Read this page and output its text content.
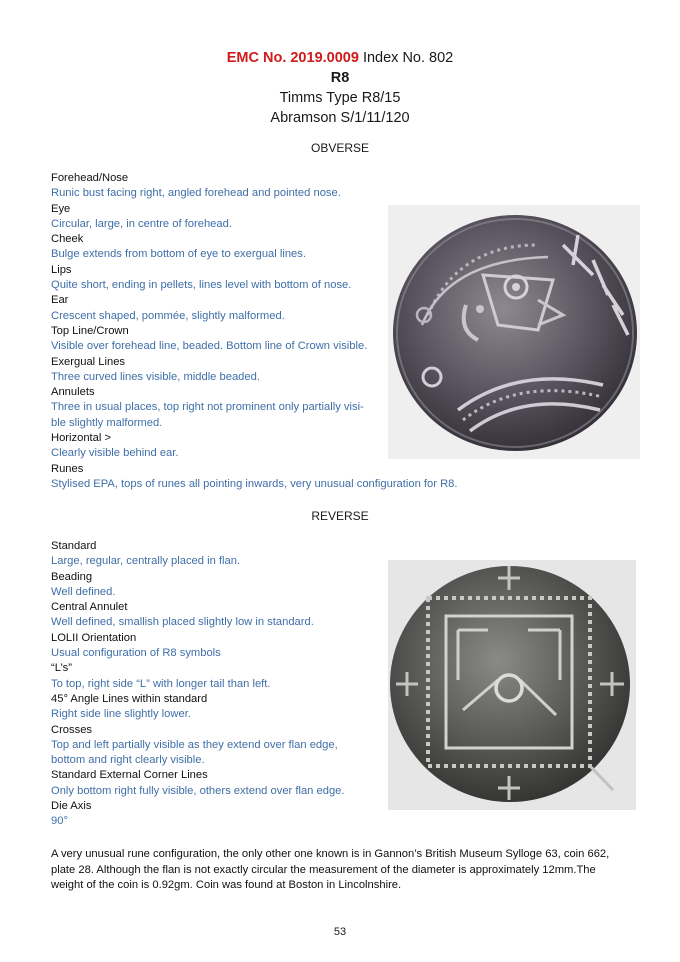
EMC No. 2019.0009 Index No. 802
R8
Timms Type R8/15
Abramson S/1/11/120
OBVERSE
Forehead/Nose
Runic bust facing right, angled forehead and pointed nose.
Eye
Circular, large, in centre of forehead.
Cheek
Bulge extends from bottom of eye to exergual lines.
Lips
Quite short, ending in pellets, lines level with bottom of nose.
Ear
Crescent shaped, pommée, slightly malformed.
Top Line/Crown
Visible over forehead line, beaded. Bottom line of Crown visible.
Exergual Lines
Three curved lines visible, middle beaded.
Annulets
Three in usual places, top right not prominent only partially visi-
ble slightly malformed.
Horizontal >
Clearly visible behind ear.
Runes
Stylised EPA, tops of runes all pointing inwards, very unusual configuration for R8.
REVERSE
Standard
Large, regular, centrally placed in flan.
Beading
Well defined.
Central Annulet
Well defined, smallish placed slightly low in standard.
LOLII Orientation
Usual configuration of R8 symbols
“L’s”
To top, right side “L” with longer tail than left.
45° Angle Lines within standard
Right side line slightly lower.
Crosses
Top and left partially visible as they extend over flan edge,
bottom and right clearly visible.
Standard External Corner Lines
Only bottom right fully visible, others extend over flan edge.
Die Axis
90°
A very unusual rune configuration, the only other one known is in Gannon’s British Museum Sylloge 63, coin 662,
plate 28. Although the flan is not exactly circular the measurement of the diameter is approximately 12mm.The
weight of the coin is 0.92gm. Coin was found at Boston in Lincolnshire.
53
